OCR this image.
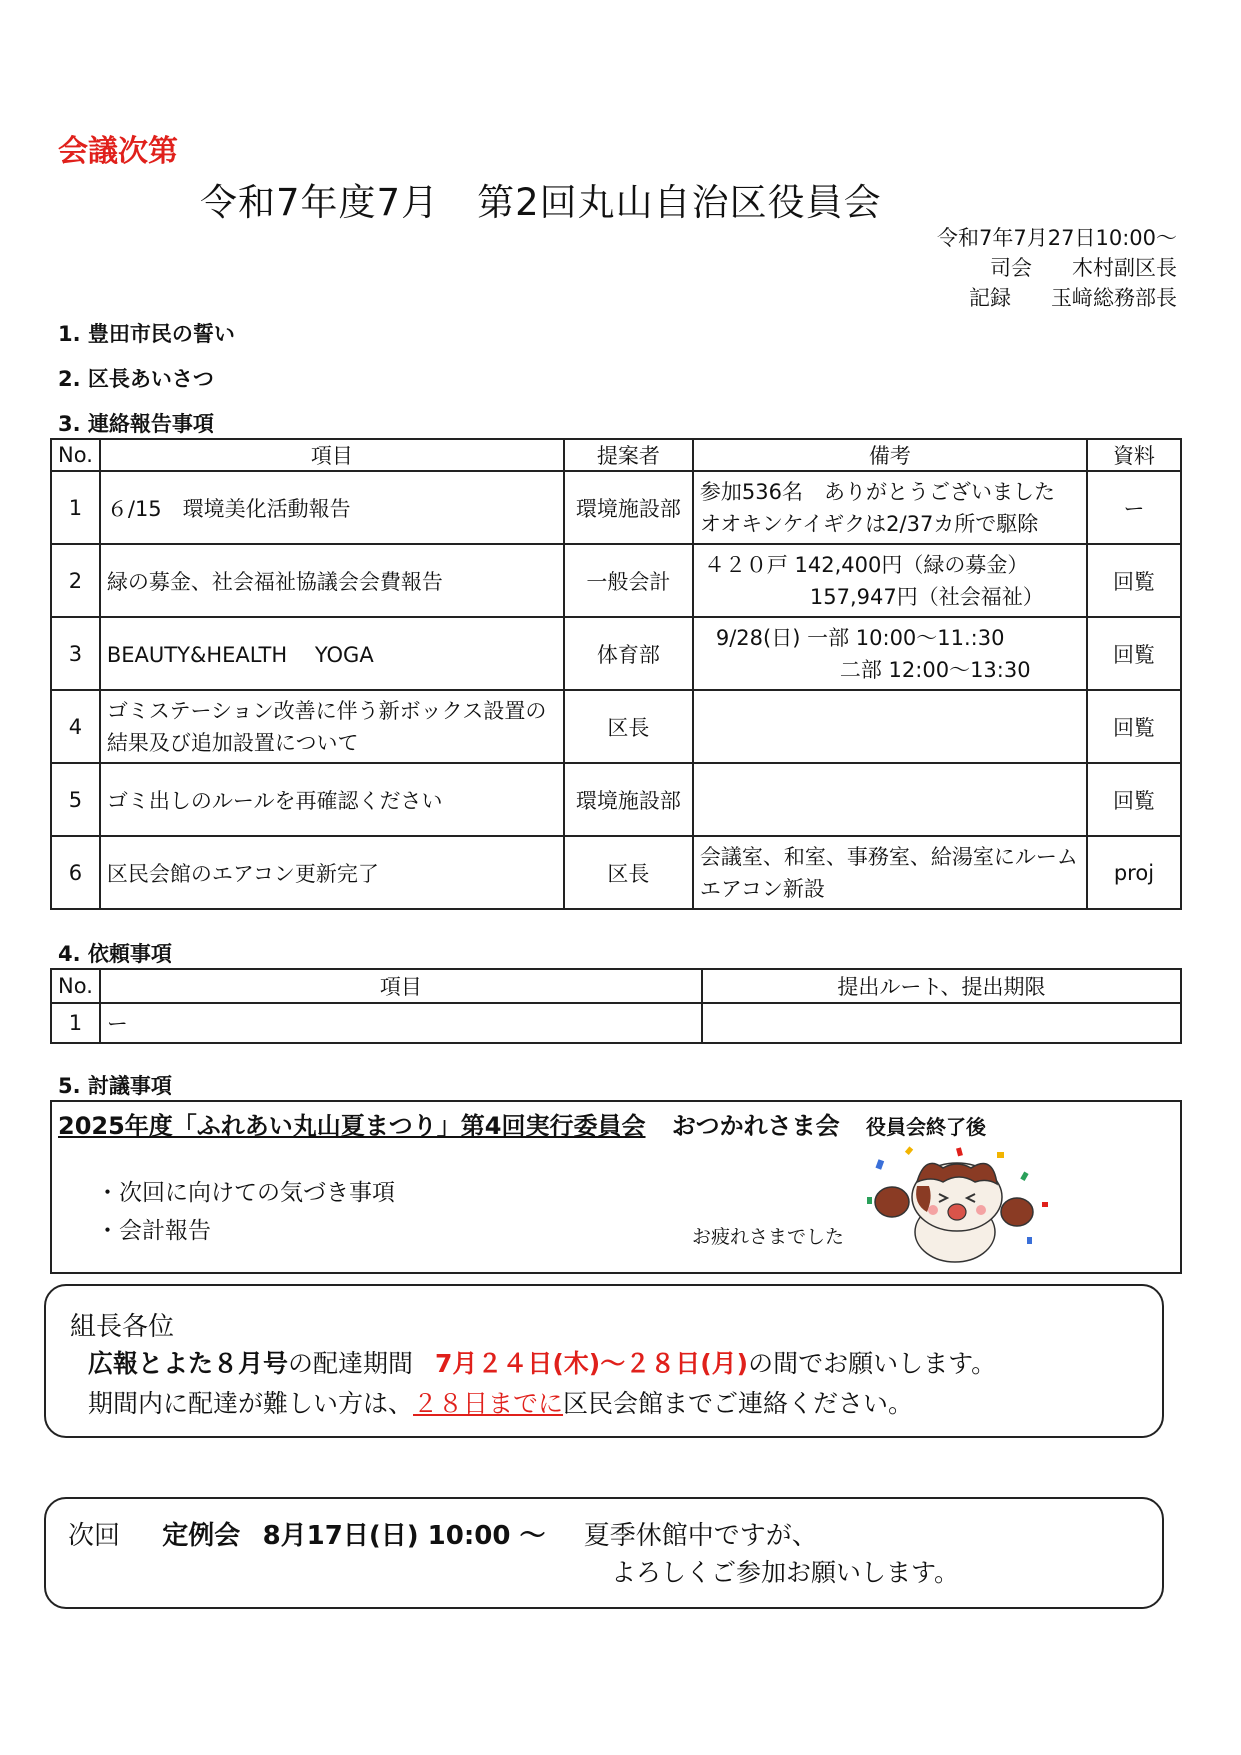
会議次第
令和7年度7月　第2回丸山自治区役員会
令和7年7月27日10:00～
司会 木村副区長
記録 玉﨑総務部長
1. 豊田市民の誓い
2. 区長あいさつ
3. 連絡報告事項
No.	項目	提案者	備考	資料
1	６/15　環境美化活動報告	環境施設部	参加536名　ありがとうございました
オオキンケイギクは2/37カ所で駆除	ー
2	緑の募金、社会福祉協議会会費報告	一般会計	４２０戸 142,400円（緑の募金）
157,947円（社会福祉）	回覧
3	BEAUTY&HEALTH　 YOGA	体育部	9/28(日) 一部 10:00～11.:30
二部 12:00～13:30	回覧
4	ゴミステーション改善に伴う新ボックス設置の結果及び追加設置について	区長		回覧
5	ゴミ出しのルールを再確認ください	環境施設部		回覧
6	区民会館のエアコン更新完了	区長	会議室、和室、事務室、給湯室にルーム
エアコン新設	proj
4. 依頼事項
No.	項目	提出ルート、提出期限
1	ー	
5. 討議事項
2025年度「ふれあい丸山夏まつり」第4回実行委員会 おつかれさま会 役員会終了後
・次回に向けての気づき事項
・会計報告	お疲れさまでした
組長各位
広報とよた８月号の配達期間 7月２４日(木)～２８日(月)の間でお願いします。
期間内に配達が難しい方は、２８日までに区民会館までご連絡ください。
次回 定例会 8月17日(日) 10:00 ～ 夏季休館中ですが、
よろしくご参加お願いします。
